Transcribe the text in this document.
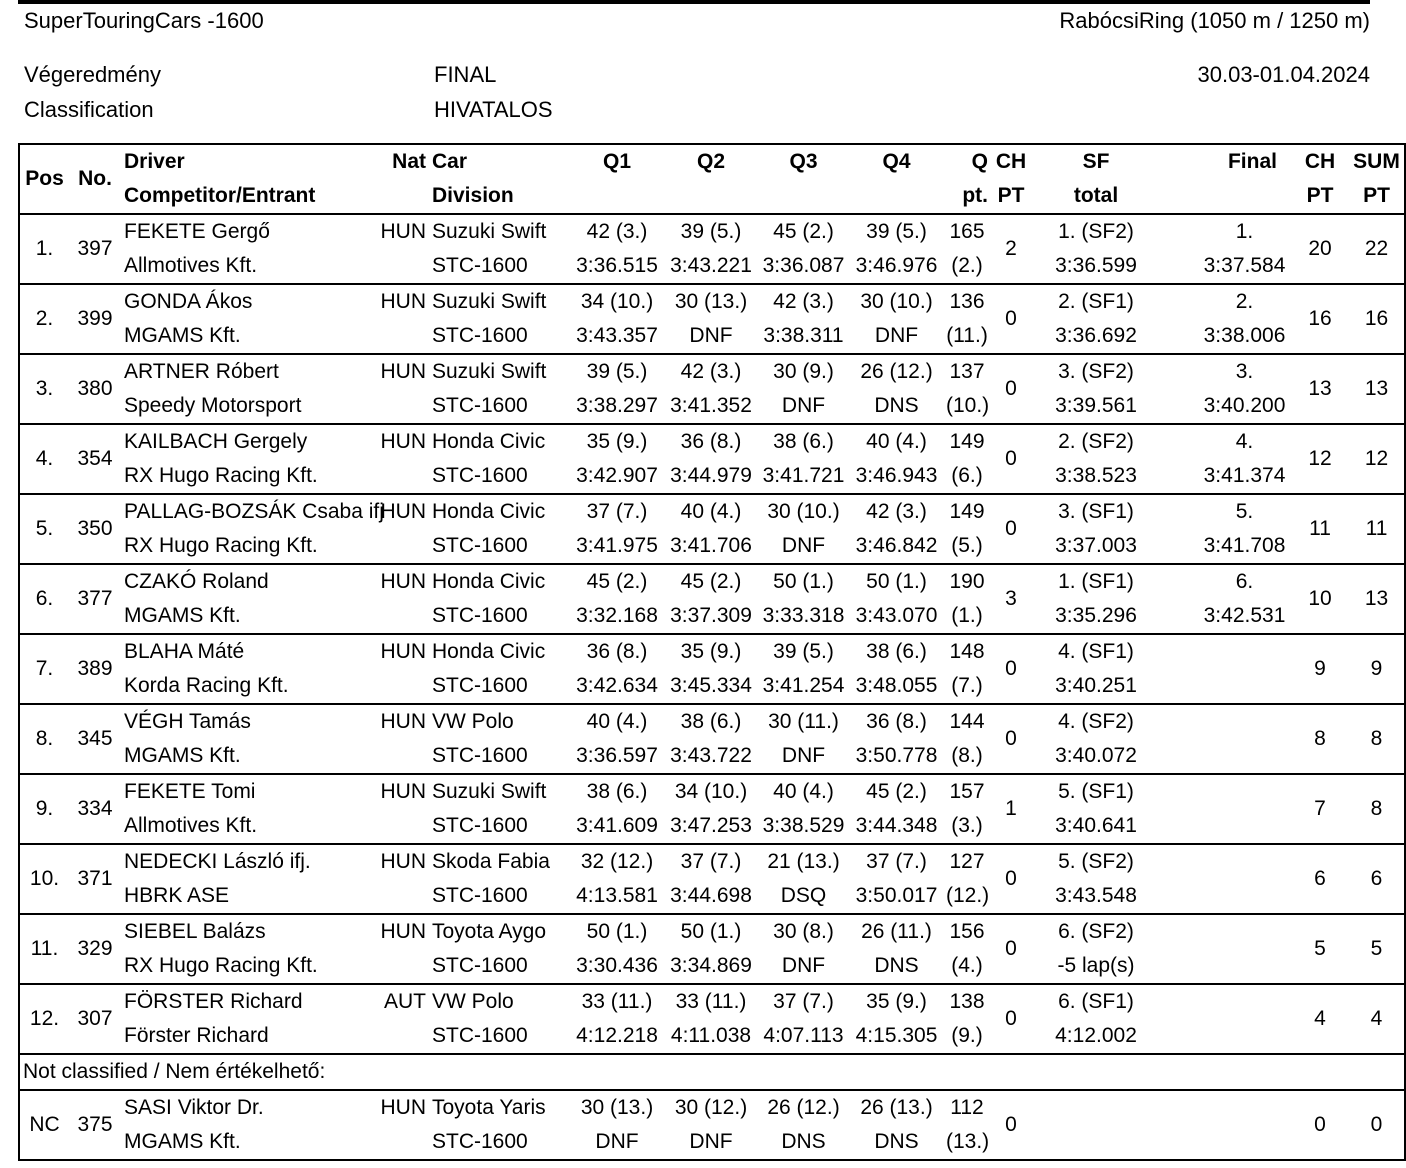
SuperTouringCars -1600	RabócsiRing (1050 m / 1250 m)
Végeredmény
Classification
FINAL
HIVATALOS
30.03-01.04.2024
Pos	No.	Driver	Nat	Car	Q1	Q2	Q3	Q4	Q	CH	SF	Final	CH	SUM
		Competitor/Entrant		Division					pt.	PT	total		PT	PT
1.	397	FEKETE Gergő	HUN	Suzuki Swift	42 (3.)	39 (5.)	45 (2.)	39 (5.)	165	2	1. (SF2)	1.	20	22
		Allmotives Kft.		STC-1600	3:36.515	3:43.221	3:36.087	3:46.976	(2.)		3:36.599	3:37.584		
2.	399	GONDA Ákos	HUN	Suzuki Swift	34 (10.)	30 (13.)	42 (3.)	30 (10.)	136	0	2. (SF1)	2.	16	16
		MGAMS Kft.		STC-1600	3:43.357	DNF	3:38.311	DNF	(11.)		3:36.692	3:38.006		
3.	380	ARTNER Róbert	HUN	Suzuki Swift	39 (5.)	42 (3.)	30 (9.)	26 (12.)	137	0	3. (SF2)	3.	13	13
		Speedy Motorsport		STC-1600	3:38.297	3:41.352	DNF	DNS	(10.)		3:39.561	3:40.200		
4.	354	KAILBACH Gergely	HUN	Honda Civic	35 (9.)	36 (8.)	38 (6.)	40 (4.)	149	0	2. (SF2)	4.	12	12
		RX Hugo Racing Kft.		STC-1600	3:42.907	3:44.979	3:41.721	3:46.943	(6.)		3:38.523	3:41.374		
5.	350	PALLAG-BOZSÁK Csaba ifj	HUN	Honda Civic	37 (7.)	40 (4.)	30 (10.)	42 (3.)	149	0	3. (SF1)	5.	11	11
		RX Hugo Racing Kft.		STC-1600	3:41.975	3:41.706	DNF	3:46.842	(5.)		3:37.003	3:41.708		
6.	377	CZAKÓ Roland	HUN	Honda Civic	45 (2.)	45 (2.)	50 (1.)	50 (1.)	190	3	1. (SF1)	6.	10	13
		MGAMS Kft.		STC-1600	3:32.168	3:37.309	3:33.318	3:43.070	(1.)		3:35.296	3:42.531		
7.	389	BLAHA Máté	HUN	Honda Civic	36 (8.)	35 (9.)	39 (5.)	38 (6.)	148	0	4. (SF1)		9	9
		Korda Racing Kft.		STC-1600	3:42.634	3:45.334	3:41.254	3:48.055	(7.)		3:40.251			
8.	345	VÉGH Tamás	HUN	VW Polo	40 (4.)	38 (6.)	30 (11.)	36 (8.)	144	0	4. (SF2)		8	8
		MGAMS Kft.		STC-1600	3:36.597	3:43.722	DNF	3:50.778	(8.)		3:40.072			
9.	334	FEKETE Tomi	HUN	Suzuki Swift	38 (6.)	34 (10.)	40 (4.)	45 (2.)	157	1	5. (SF1)		7	8
		Allmotives Kft.		STC-1600	3:41.609	3:47.253	3:38.529	3:44.348	(3.)		3:40.641			
10.	371	NEDECKI László ifj.	HUN	Skoda Fabia	32 (12.)	37 (7.)	21 (13.)	37 (7.)	127	0	5. (SF2)		6	6
		HBRK ASE		STC-1600	4:13.581	3:44.698	DSQ	3:50.017	(12.)		3:43.548			
11.	329	SIEBEL Balázs	HUN	Toyota Aygo	50 (1.)	50 (1.)	30 (8.)	26 (11.)	156	0	6. (SF2)		5	5
		RX Hugo Racing Kft.		STC-1600	3:30.436	3:34.869	DNF	DNS	(4.)		-5 lap(s)			
12.	307	FÖRSTER Richard	AUT	VW Polo	33 (11.)	33 (11.)	37 (7.)	35 (9.)	138	0	6. (SF1)		4	4
		Förster Richard		STC-1600	4:12.218	4:11.038	4:07.113	4:15.305	(9.)		4:12.002			
Not classified / Nem értékelhető:														
NC	375	SASI Viktor Dr.	HUN	Toyota Yaris	30 (13.)	30 (12.)	26 (12.)	26 (13.)	112	0			0	0
		MGAMS Kft.		STC-1600	DNF	DNF	DNS	DNS	(13.)					
